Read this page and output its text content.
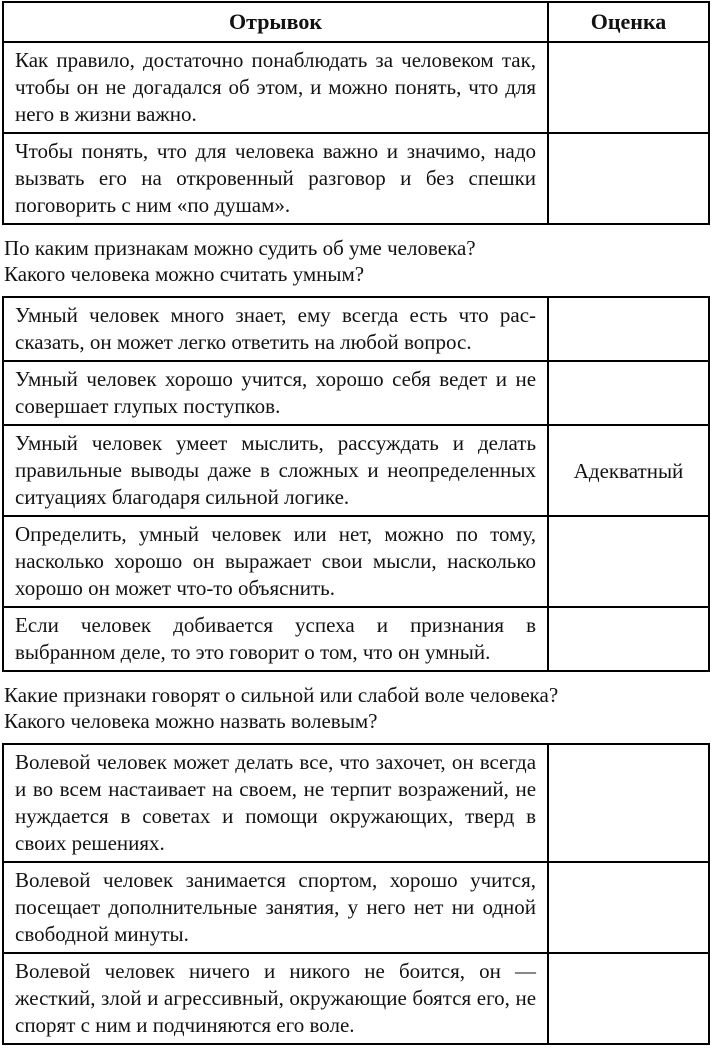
Отрывок	Оценка
Как правило, достаточно понаблюдать за человеком так, чтобы он не догадался об этом, и можно понять, что для него в жизни важно.	
Чтобы понять, что для человека важно и значимо, надо вызвать его на откровенный разговор и без спешки поговорить с ним «по душам».	

По каким признакам можно судить об уме человека?
Какого человека можно считать умным?

Умный человек много знает, ему всегда есть что рассказать, он может легко ответить на любой вопрос.	
Умный человек хорошо учится, хорошо себя ведет и не совершает глупых поступков.	
Умный человек умеет мыслить, рассуждать и делать правильные выводы даже в сложных и неопределенных ситуациях благодаря сильной логике.	Адекватный
Определить, умный человек или нет, можно по тому, насколько хорошо он выражает свои мысли, насколько хорошо он может что-то объяснить.	
Если человек добивается успеха и признания в выбранном деле, то это говорит о том, что он умный.	

Какие признаки говорят о сильной или слабой воле человека?
Какого человека можно назвать волевым?

Волевой человек может делать все, что захочет, он всегда и во всем настаивает на своем, не терпит возражений, не нуждается в советах и помощи окружающих, тверд в своих решениях.	
Волевой человек занимается спортом, хорошо учится, посещает дополнительные занятия, у него нет ни одной свободной минуты.	
Волевой человек ничего и никого не боится, он — жесткий, злой и агрессивный, окружающие боятся его, не спорят с ним и подчиняются его воле.	
